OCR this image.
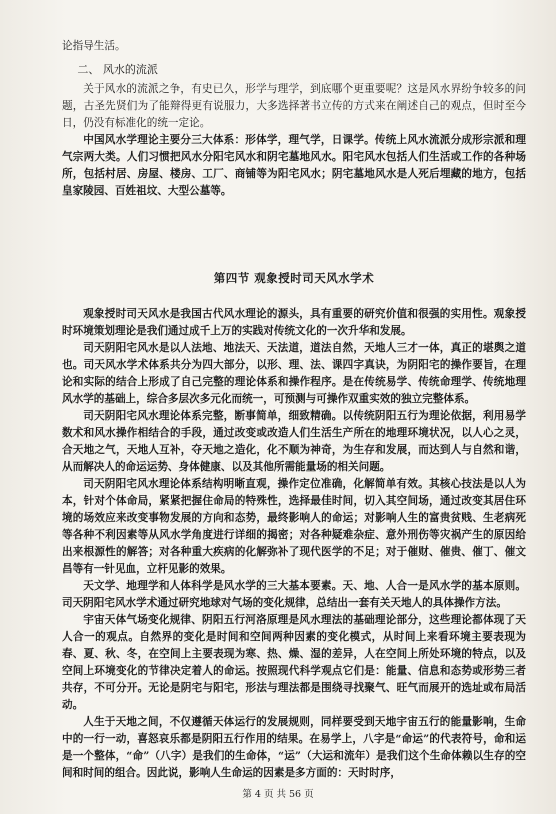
论指导生活。

二、 风水的流派

关于风水的流派之争，有史已久，形学与理学，到底哪个更重要呢？这是风水界纷争较多的问题，古圣先贤们为了能辩得更有说服力，大多选择著书立传的方式来在阐述自己的观点，但时至今日，仍没有标准化的统一定论。

中国风水学理论主要分三大体系：形体学，理气学，日课学。传统上风水流派分成形宗派和理气宗两大类。人们习惯把风水分阳宅风水和阴宅墓地风水。阳宅风水包括人们生活或工作的各种场所，包括村居、房屋、楼房、工厂、商铺等为阳宅风水；阴宅墓地风水是人死后埋藏的地方，包括皇家陵园、百姓祖坟、大型公墓等。

第四节 观象授时司天风水学术

观象授时司天风水是我国古代风水理论的源头，具有重要的研究价值和很强的实用性。观象授时环境策划理论是我们通过成千上万的实践对传统文化的一次升华和发展。

司天阴阳宅风水是以人法地、地法天、天法道，道法自然，天地人三才一体，真正的堪舆之道也。司天风水学术体系共分为四大部分，以形、理、法、课四字真诀，为阴阳宅的操作要旨，在理论和实际的结合上形成了自己完整的理论体系和操作程序。是在传统易学、传统命理学、传统地理风水学的基础上，综合多层次多元化而统一，可预测与可操作双重实效的独立完整体系。

司天阴阳宅风水理论体系完整，断事简单，细致精确。以传统阴阳五行为理论依据，利用易学数术和风水操作相结合的手段，通过改变或改造人们生活生产所在的地理环境状况，以人心之灵，合天地之气，天地人互补，夺天地之造化，化不顺为神奇，为生存和发展，而达到人与自然和谐，从而解决人的命运运势、身体健康、以及其他所需能量场的相关问题。

司天阴阳宅风水理论体系结构明晰直观，操作定位准确，化解简单有效。其核心技法是以人为本，针对个体命局，紧紧把握住命局的特殊性，选择最佳时间，切入其空间场，通过改变其居住环境的场效应来改变事物发展的方向和态势，最终影响人的命运；对影响人生的富贵贫贱、生老病死等各种不利因素等从风水学角度进行详细的揭密；对各种疑难杂症、意外刑伤等灾祸产生的原因给出来根源性的解答；对各种重大疾病的化解弥补了现代医学的不足；对于催财、催贵、催丁、催文昌等有一针见血，立杆见影的效果。

天文学、地理学和人体科学是风水学的三大基本要素。天、地、人合一是风水学的基本原则。司天阴阳宅风水学术通过研究地球对气场的变化规律，总结出一套有关天地人的具体操作方法。

宇宙天体气场变化规律、阴阳五行河洛原理是风水理法的基础理论部分，这些理论都体现了天人合一的观点。自然界的变化是时间和空间两种因素的变化模式，从时间上来看环境主要表现为春、夏、秋、冬，在空间上主要表现为寒、热、燥、湿的差异，人在空间上所处环境的特点，以及空间上环境变化的节律决定着人的命运。按照现代科学观点它们是：能量、信息和态势或形势三者共存，不可分开。无论是阴宅与阳宅，形法与理法都是围绕寻找聚气、旺气而展开的选址或布局活动。

人生于天地之间，不仅遵循天体运行的发展规则，同样要受到天地宇宙五行的能量影响，生命中的一行一动，喜怒哀乐都是阴阳五行作用的结果。在易学上，八字是“命运”的代表符号，命和运是一个整体，“命”（八字）是我们的生命体，“运”（大运和流年）是我们这个生命体赖以生存的空间和时间的组合。因此说，影响人生命运的因素是多方面的：天时时序，

第 4 页 共 56 页
